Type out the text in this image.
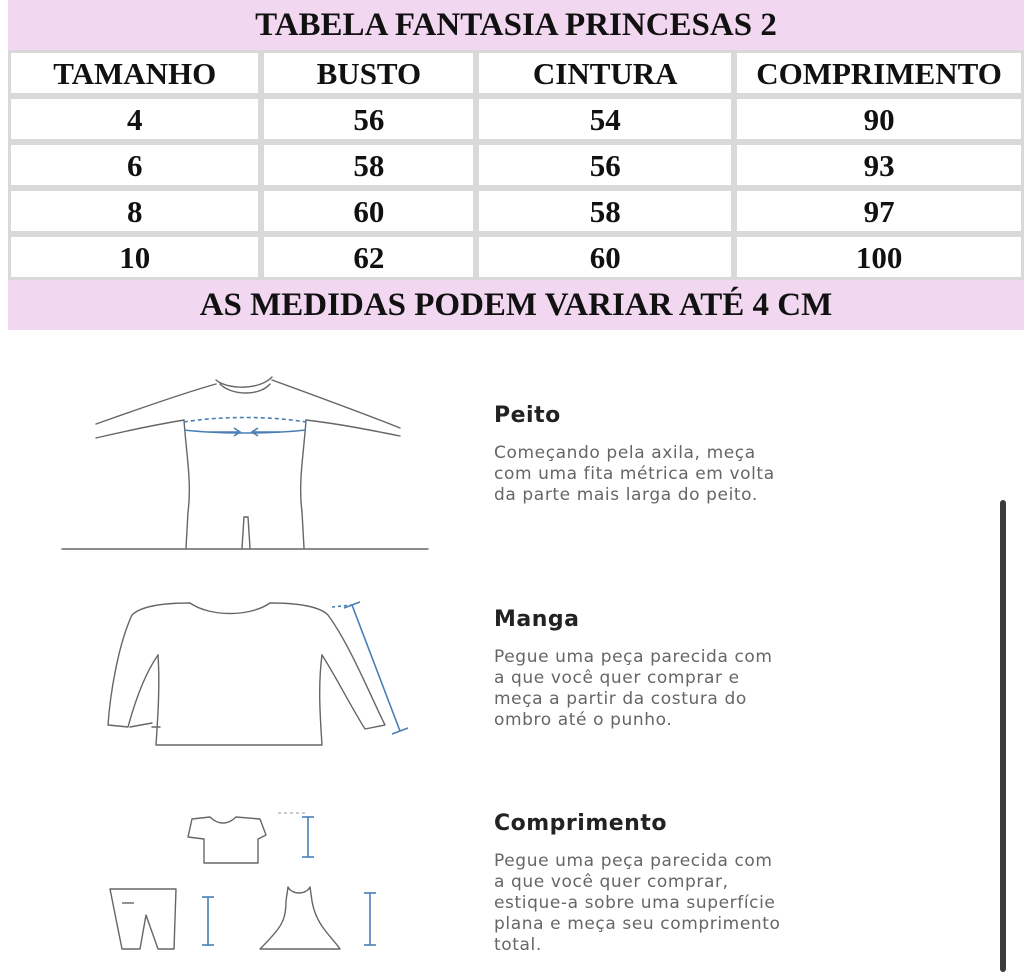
TABELA FANTASIA PRINCESAS 2			
TAMANHO	BUSTO	CINTURA	COMPRIMENTO
4	56	54	90
6	58	56	93
8	60	58	97
10	62	60	100
AS MEDIDAS PODEM VARIAR ATÉ 4 CM			
Peito
Começando pela axila, meça
com uma fita métrica em volta
da parte mais larga do peito.
Manga
Pegue uma peça parecida com
a que você quer comprar e
meça a partir da costura do
ombro até o punho.
Comprimento
Pegue uma peça parecida com
a que você quer comprar,
estique-a sobre uma superfície
plana e meça seu comprimento
total.
